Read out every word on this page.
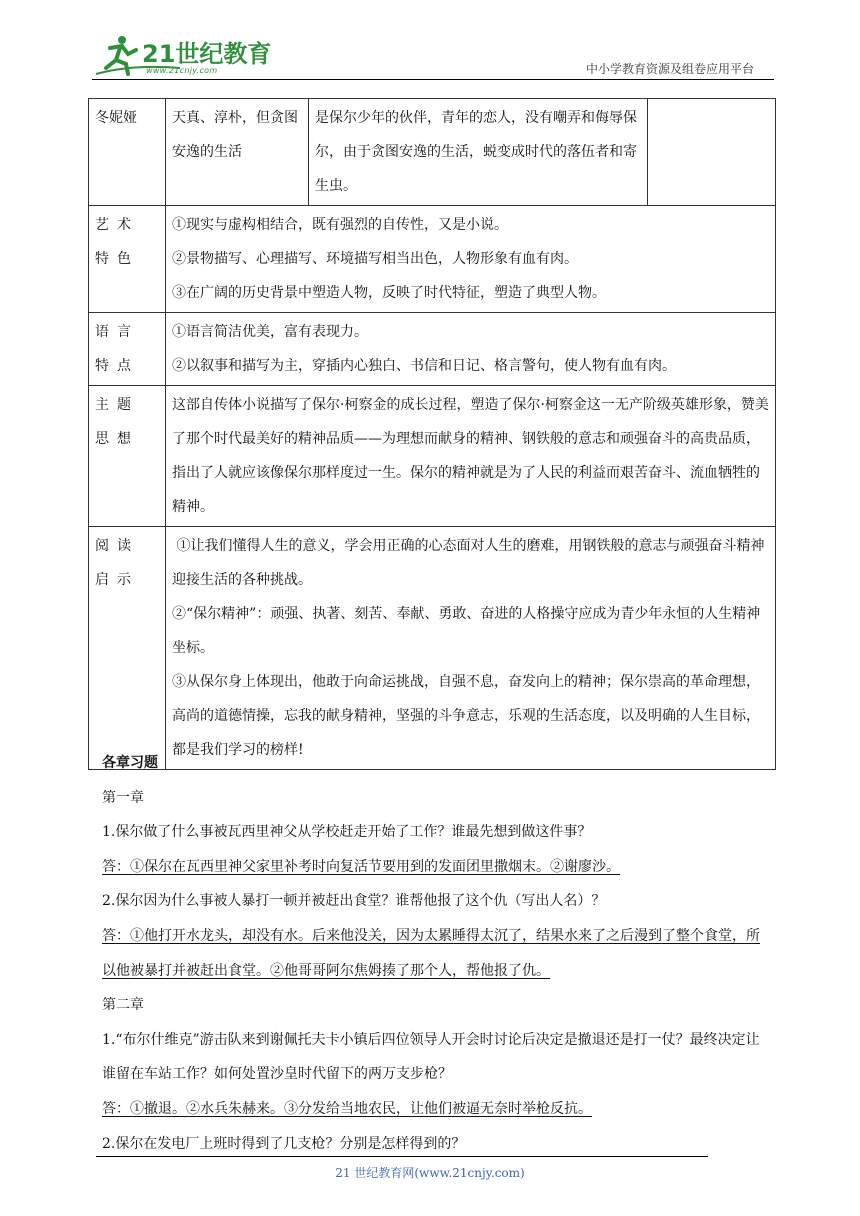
21世纪教育
www.21cnjy.com	中小学教育资源及组卷应用平台
冬妮娅	天真、淳朴，但贪图安逸的生活	是保尔少年的伙伴，青年的恋人，没有嘲弄和侮辱保尔，由于贪图安逸的生活，蜕变成时代的落伍者和寄生虫。	
艺术特色	①现实与虚构相结合，既有强烈的自传性，又是小说。

②景物描写、心理描写、环境描写相当出色，人物形象有血有肉。

③在广阔的历史背景中塑造人物，反映了时代特征，塑造了典型人物。		

语言特点	①语言简洁优美，富有表现力。

②以叙事和描写为主，穿插内心独白、书信和日记、格言警句，使人物有血有肉。		

主题思想	这部自传体小说描写了保尔·柯察金的成长过程，塑造了保尔·柯察金这一无产阶级英雄形象，赞美了那个时代最美好的精神品质——为理想而献身的精神、钢铁般的意志和顽强奋斗的高贵品质，指出了人就应该像保尔那样度过一生。保尔的精神就是为了人民的利益而艰苦奋斗、流血牺牲的精神。		
阅读启示	①让我们懂得人生的意义，学会用正确的心态面对人生的磨难，用钢铁般的意志与顽强奋斗精神迎接生活的各种挑战。

②“保尔精神”：顽强、执著、刻苦、奉献、勇敢、奋进的人格操守应成为青少年永恒的人生精神坐标。

③从保尔身上体现出，他敢于向命运挑战，自强不息，奋发向上的精神；保尔崇高的革命理想，高尚的道德情操，忘我的献身精神，坚强的斗争意志，乐观的生活态度，以及明确的人生目标，都是我们学习的榜样!		

各章习题

第一章

1.保尔做了什么事被瓦西里神父从学校赶走开始了工作？谁最先想到做这件事？

答：①保尔在瓦西里神父家里补考时向复活节要用到的发面团里撒烟末。②谢廖沙。

2.保尔因为什么事被人暴打一顿并被赶出食堂？谁帮他报了这个仇（写出人名）？

答：①他打开水龙头，却没有水。后来他没关，因为太累睡得太沉了，结果水来了之后漫到了整个食堂，所以他被暴打并被赶出食堂。②他哥哥阿尔焦姆揍了那个人，帮他报了仇。

第二章

1.“布尔什维克”游击队来到谢佩托夫卡小镇后四位领导人开会时讨论后决定是撤退还是打一仗？最终决定让谁留在车站工作？如何处置沙皇时代留下的两万支步枪？

答：①撤退。②水兵朱赫来。③分发给当地农民，让他们被逼无奈时举枪反抗。

2.保尔在发电厂上班时得到了几支枪？分别是怎样得到的？

21 世纪教育网(www.21cnjy.com)
